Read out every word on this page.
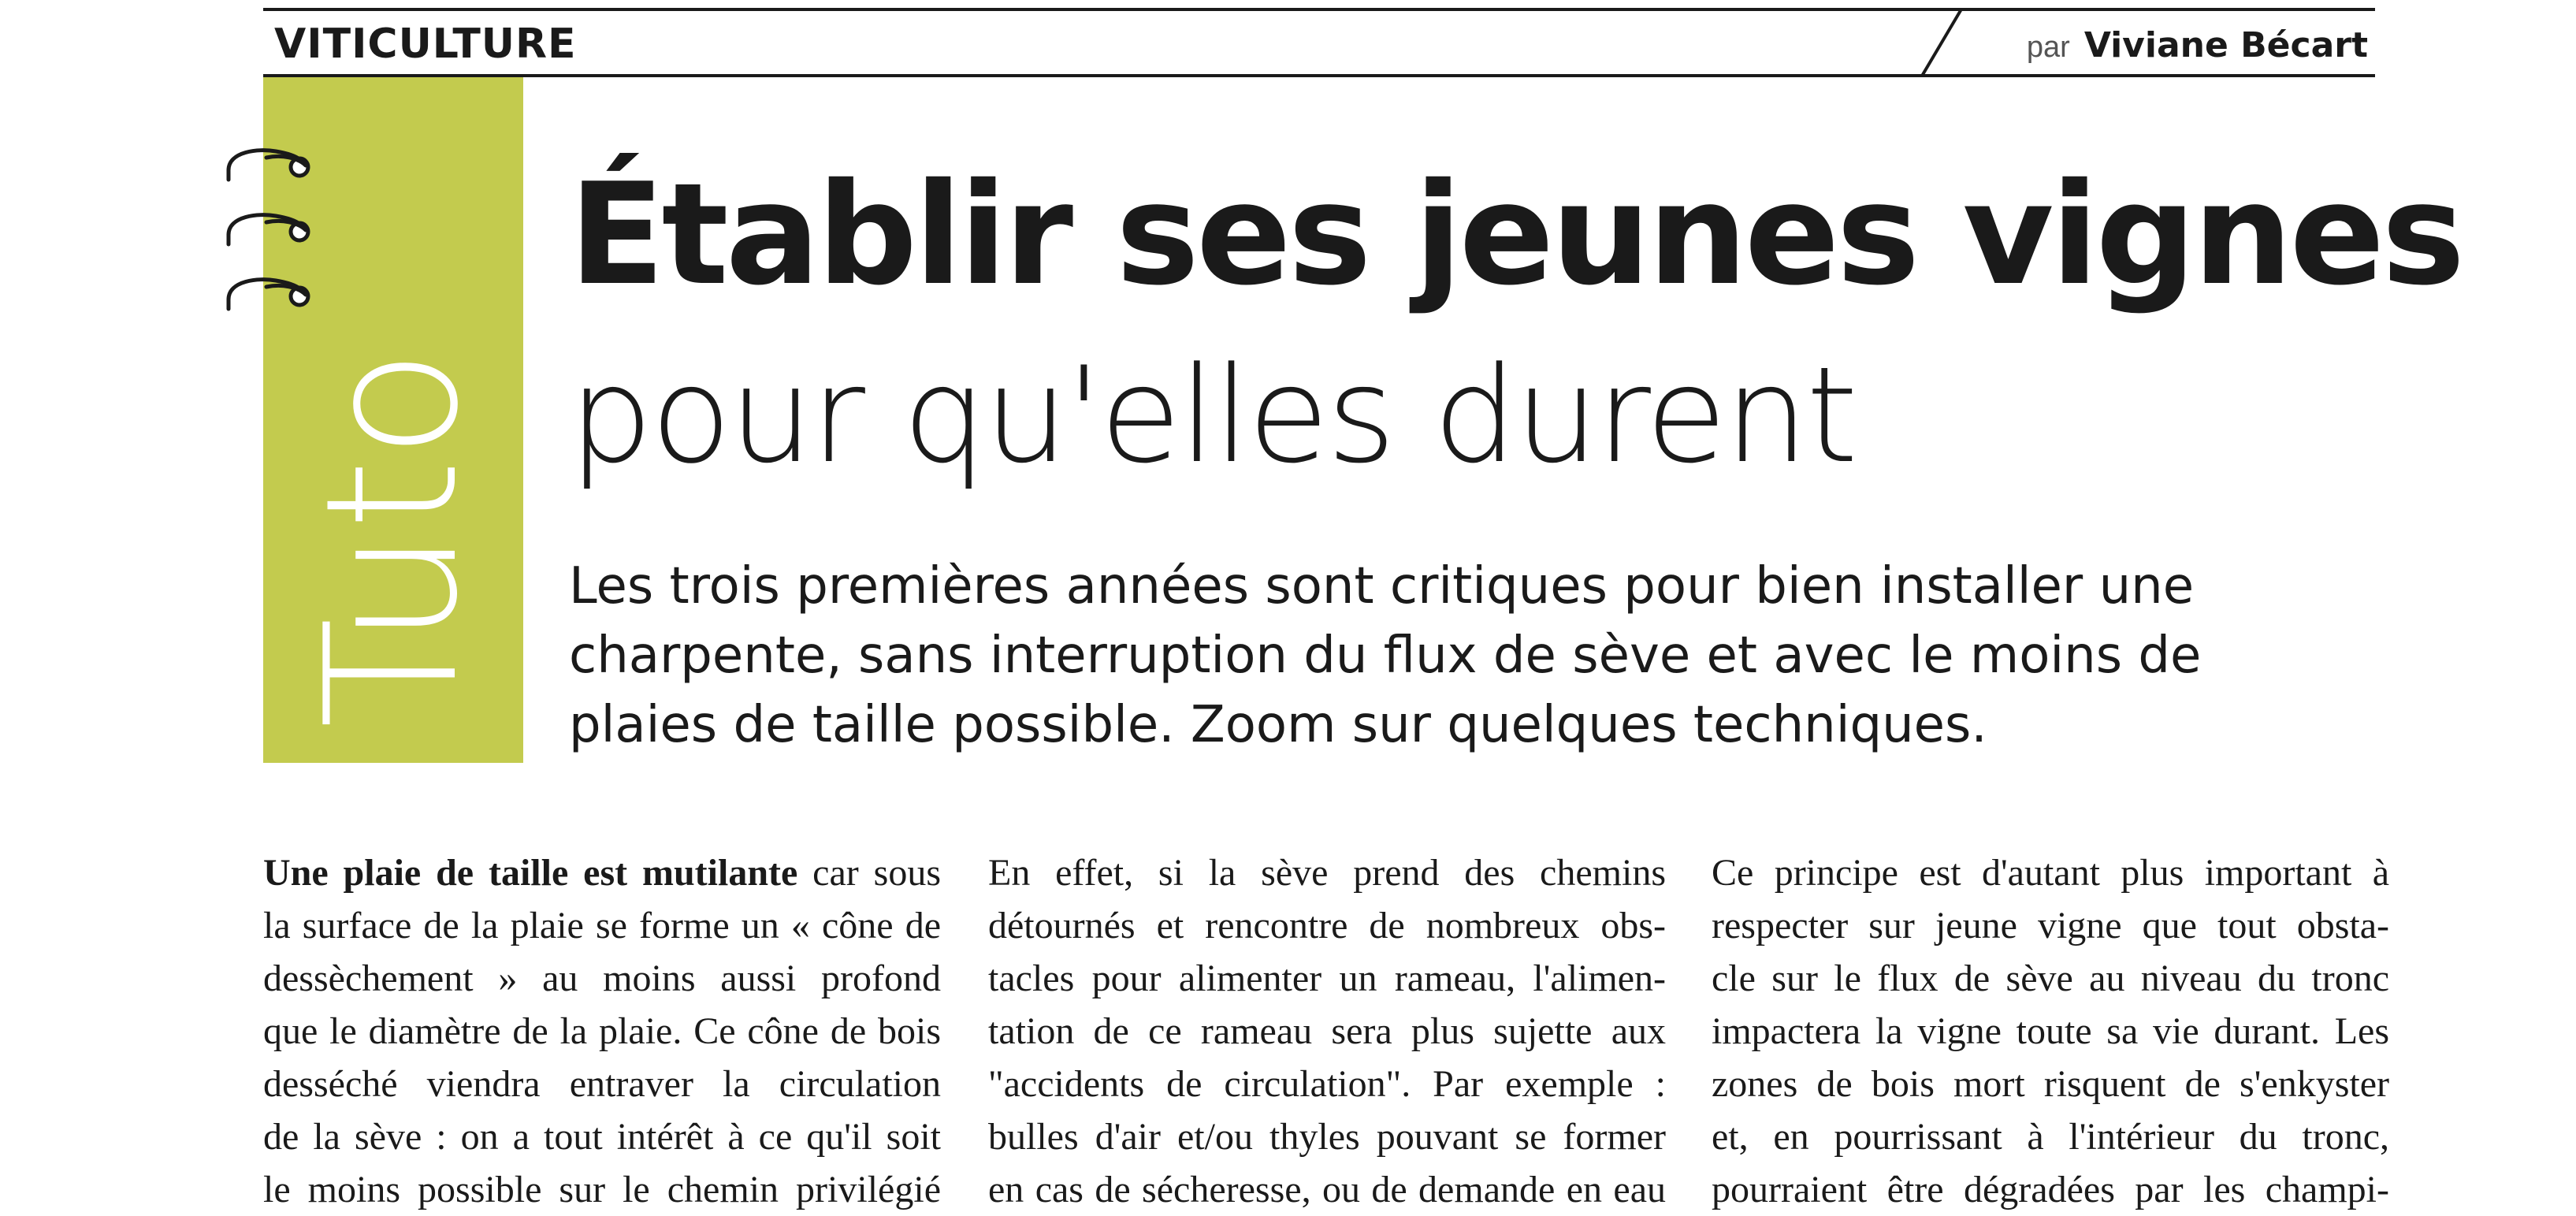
VITICULTURE	par Viviane Bécart
Tuto
Établir ses jeunes vignes
pour qu'elles durent
Les trois premières années sont critiques pour bien installer une
charpente, sans interruption du flux de sève et avec le moins de
plaies de taille possible. Zoom sur quelques techniques.
Une plaie de taille est mutilante car sous
la surface de la plaie se forme un « cône de
dessèchement » au moins aussi profond
que le diamètre de la plaie. Ce cône de bois
desséché viendra entraver la circulation
de la sève : on a tout intérêt à ce qu'il soit
le moins possible sur le chemin privilégié
En effet, si la sève prend des chemins
détournés et rencontre de nombreux obs-
tacles pour alimenter un rameau, l'alimen-
tation de ce rameau sera plus sujette aux
"accidents de circulation". Par exemple :
bulles d'air et/ou thyles pouvant se former
en cas de sécheresse, ou de demande en eau
Ce principe est d'autant plus important à
respecter sur jeune vigne que tout obsta-
cle sur le flux de sève au niveau du tronc
impactera la vigne toute sa vie durant. Les
zones de bois mort risquent de s'enkyster
et, en pourrissant à l'intérieur du tronc,
pourraient être dégradées par les champi-
